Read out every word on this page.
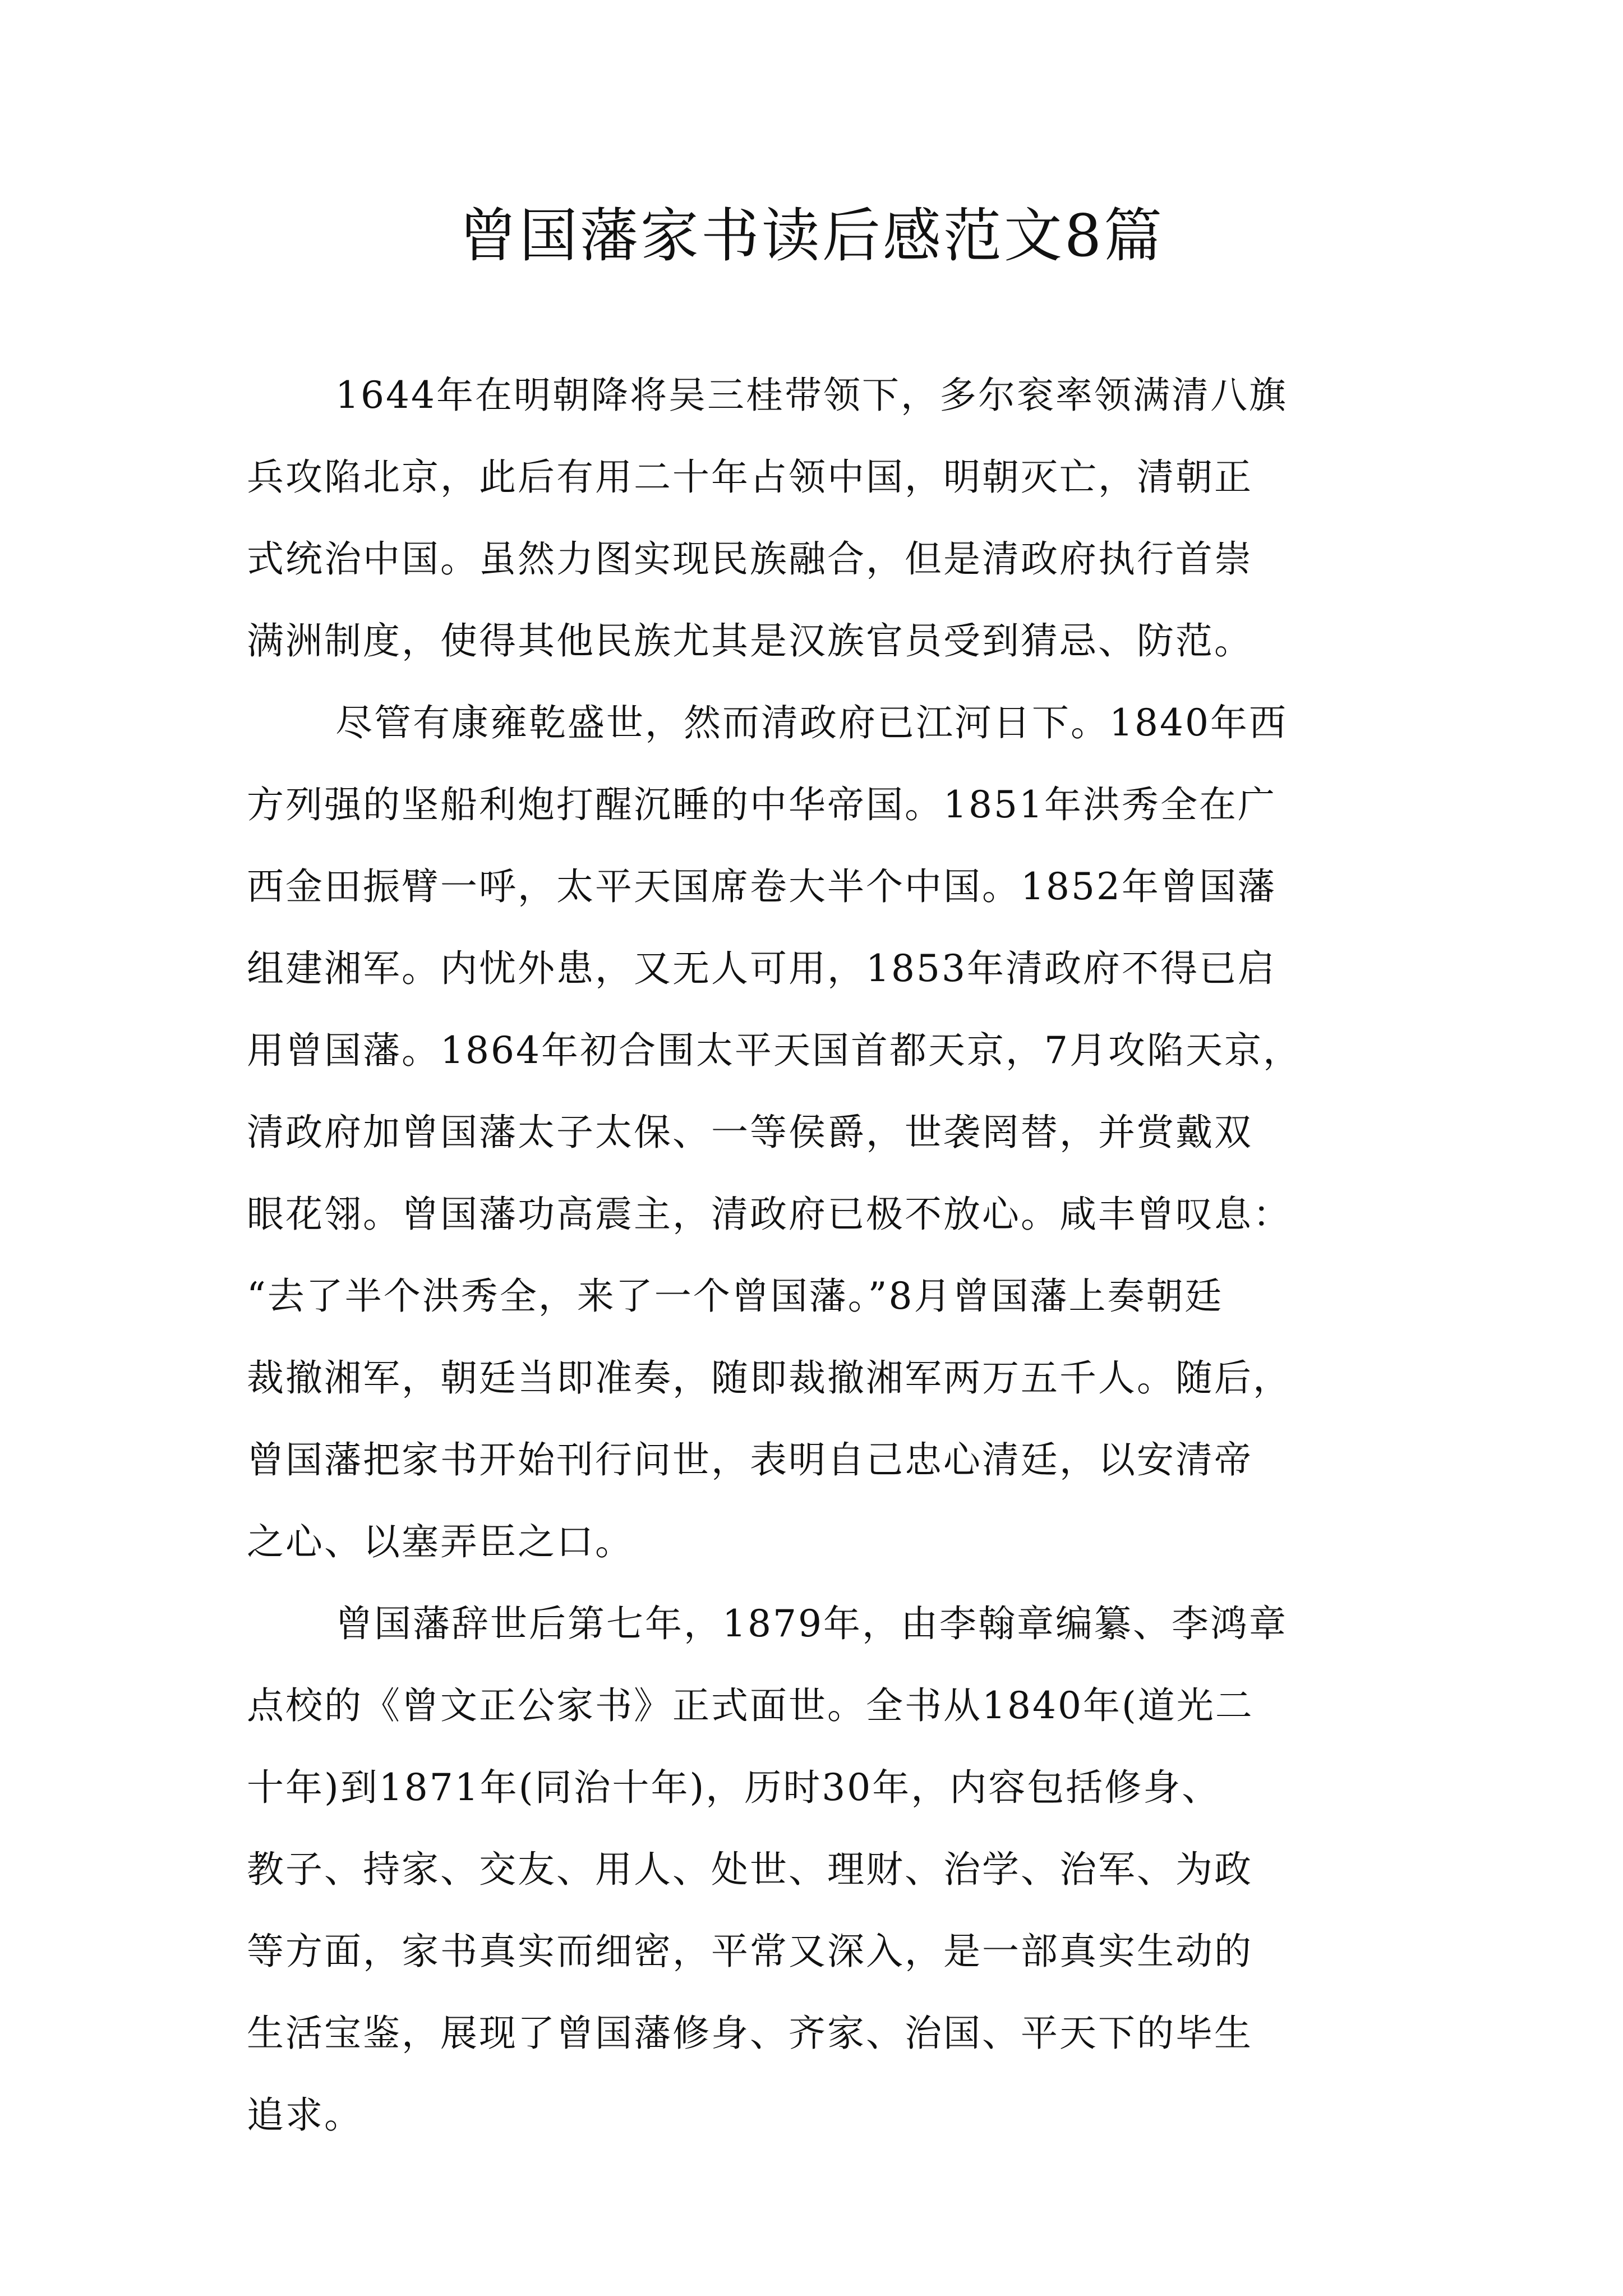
曾国藩家书读后感范文8篇
1644年在明朝降将吴三桂带领下，多尔衮率领满清八旗
兵攻陷北京，此后有用二十年占领中国，明朝灭亡，清朝正
式统治中国。虽然力图实现民族融合，但是清政府执行首崇
满洲制度，使得其他民族尤其是汉族官员受到猜忌、防范。
尽管有康雍乾盛世，然而清政府已江河日下。1840年西
方列强的坚船利炮打醒沉睡的中华帝国。1851年洪秀全在广
西金田振臂一呼，太平天国席卷大半个中国。1852年曾国藩
组建湘军。内忧外患，又无人可用，1853年清政府不得已启
用曾国藩。1864年初合围太平天国首都天京，7月攻陷天京，
清政府加曾国藩太子太保、一等侯爵，世袭罔替，并赏戴双
眼花翎。曾国藩功高震主，清政府已极不放心。咸丰曾叹息：
“去了半个洪秀全，来了一个曾国藩。”8月曾国藩上奏朝廷
裁撤湘军，朝廷当即准奏，随即裁撤湘军两万五千人。随后，
曾国藩把家书开始刊行问世，表明自己忠心清廷，以安清帝
之心、以塞弄臣之口。
曾国藩辞世后第七年，1879年，由李翰章编纂、李鸿章
点校的《曾文正公家书》正式面世。全书从1840年(道光二
十年)到1871年(同治十年)，历时30年，内容包括修身、
教子、持家、交友、用人、处世、理财、治学、治军、为政
等方面，家书真实而细密，平常又深入，是一部真实生动的
生活宝鉴，展现了曾国藩修身、齐家、治国、平天下的毕生
追求。
